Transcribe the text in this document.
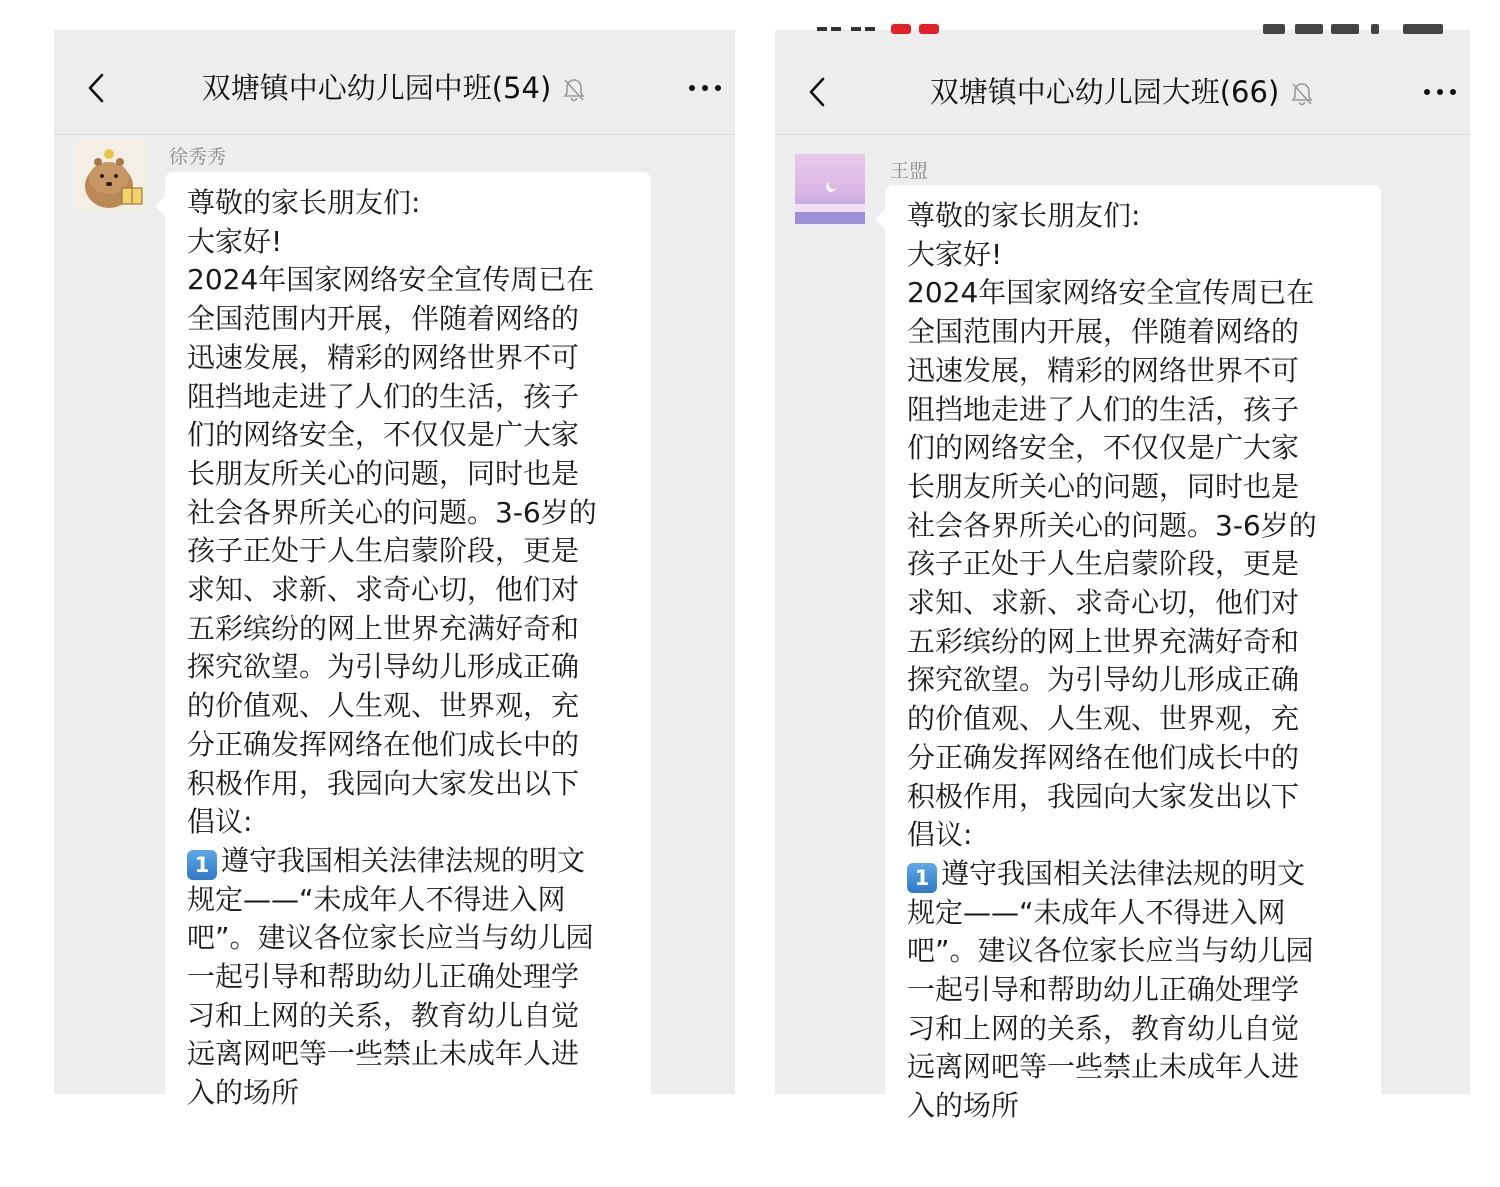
双塘镇中心幼儿园中班(54)
徐秀秀
尊敬的家长朋友们:
大家好!
2024年国家网络安全宣传周已在
全国范围内开展，伴随着网络的
迅速发展，精彩的网络世界不可
阻挡地走进了人们的生活，孩子
们的网络安全，不仅仅是广大家
长朋友所关心的问题，同时也是
社会各界所关心的问题。3-6岁的
孩子正处于人生启蒙阶段，更是
求知、求新、求奇心切，他们对
五彩缤纷的网上世界充满好奇和
探究欲望。为引导幼儿形成正确
的价值观、人生观、世界观，充
分正确发挥网络在他们成长中的
积极作用，我园向大家发出以下
倡议:
1 遵守我国相关法律法规的明文
规定——“未成年人不得进入网
吧”。建议各位家长应当与幼儿园
一起引导和帮助幼儿正确处理学
习和上网的关系，教育幼儿自觉
远离网吧等一些禁止未成年人进
入的场所
双塘镇中心幼儿园大班(66)
王盟
尊敬的家长朋友们:
大家好!
2024年国家网络安全宣传周已在
全国范围内开展，伴随着网络的
迅速发展，精彩的网络世界不可
阻挡地走进了人们的生活，孩子
们的网络安全，不仅仅是广大家
长朋友所关心的问题，同时也是
社会各界所关心的问题。3-6岁的
孩子正处于人生启蒙阶段，更是
求知、求新、求奇心切，他们对
五彩缤纷的网上世界充满好奇和
探究欲望。为引导幼儿形成正确
的价值观、人生观、世界观，充
分正确发挥网络在他们成长中的
积极作用，我园向大家发出以下
倡议:
1 遵守我国相关法律法规的明文
规定——“未成年人不得进入网
吧”。建议各位家长应当与幼儿园
一起引导和帮助幼儿正确处理学
习和上网的关系，教育幼儿自觉
远离网吧等一些禁止未成年人进
入的场所
